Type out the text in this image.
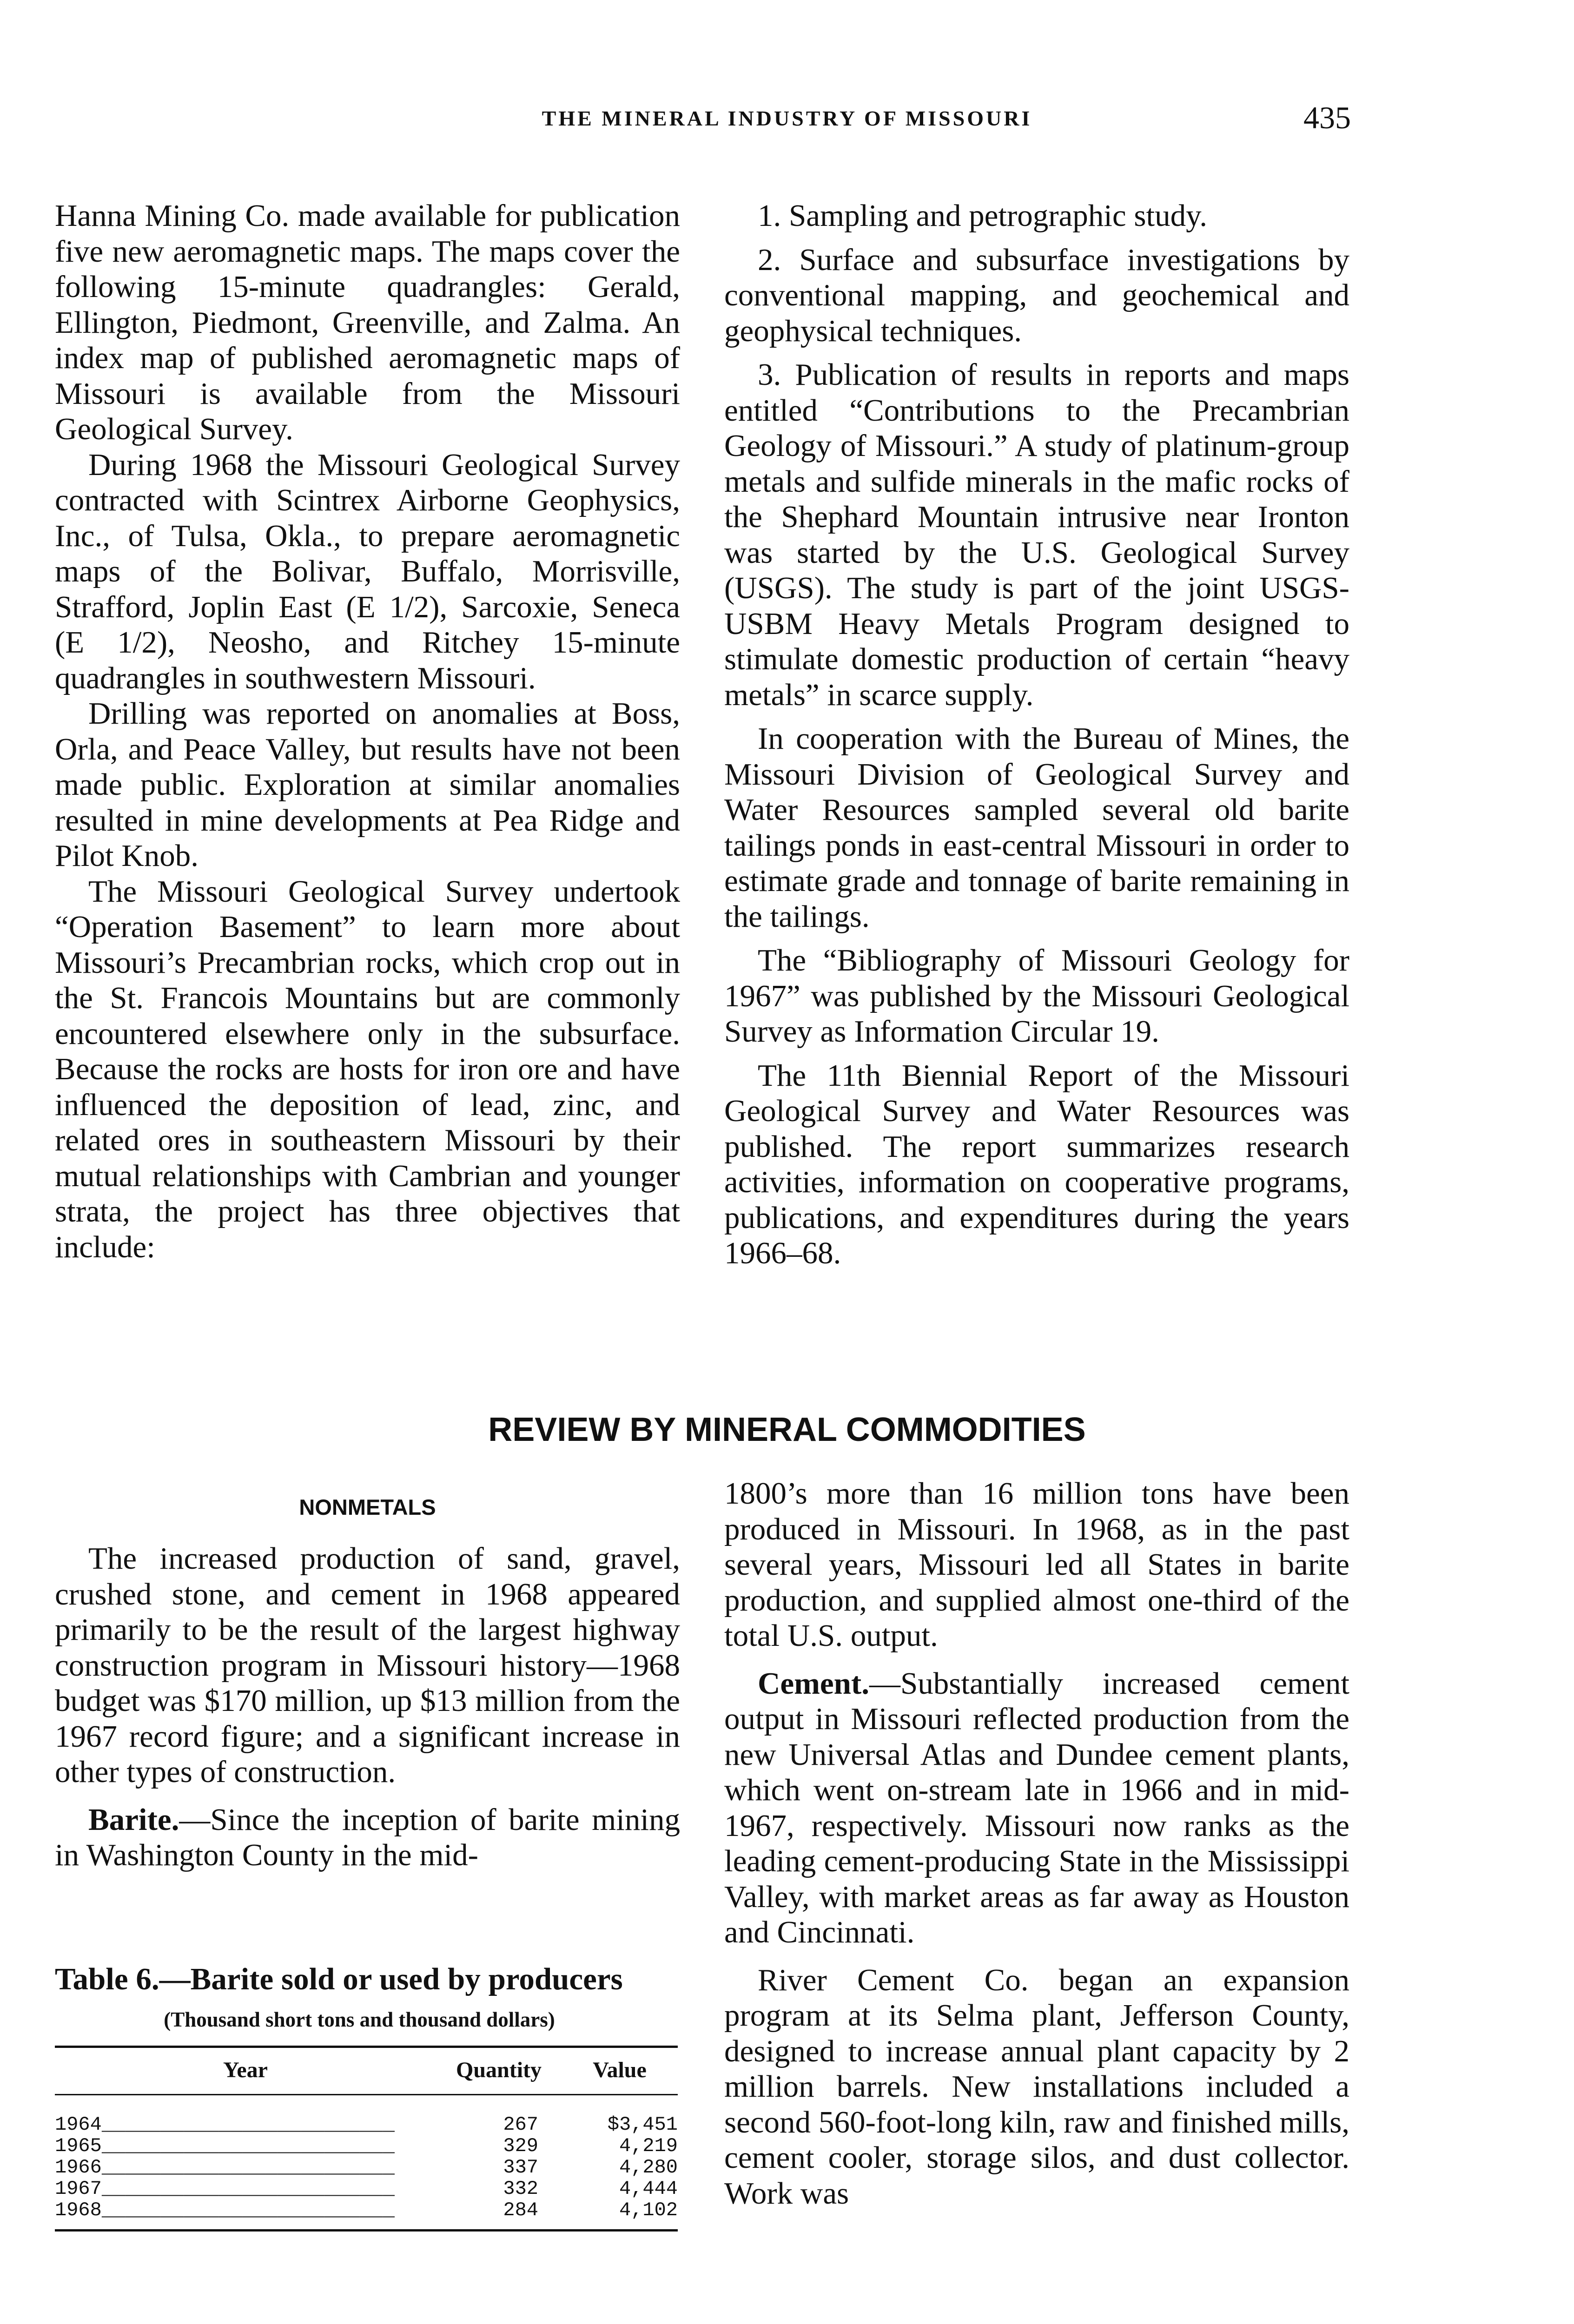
THE MINERAL INDUSTRY OF MISSOURI	435

Hanna Mining Co. made available for publication five new aeromagnetic maps. The maps cover the following 15-minute quadrangles: Gerald, Ellington, Piedmont, Greenville, and Zalma. An index map of published aeromagnetic maps of Missouri is available from the Missouri Geological Survey.

During 1968 the Missouri Geological Survey contracted with Scintrex Airborne Geophysics, Inc., of Tulsa, Okla., to prepare aeromagnetic maps of the Bolivar, Buffalo, Morrisville, Strafford, Joplin East (E 1/2), Sarcoxie, Seneca (E 1/2), Neosho, and Ritchey 15-minute quadrangles in southwestern Missouri.

Drilling was reported on anomalies at Boss, Orla, and Peace Valley, but results have not been made public. Exploration at similar anomalies resulted in mine developments at Pea Ridge and Pilot Knob.

The Missouri Geological Survey undertook “Operation Basement” to learn more about Missouri’s Precambrian rocks, which crop out in the St. Francois Mountains but are commonly encountered elsewhere only in the subsurface. Because the rocks are hosts for iron ore and have influenced the deposition of lead, zinc, and related ores in southeastern Missouri by their mutual relationships with Cambrian and younger strata, the project has three objectives that include:

1. Sampling and petrographic study.

2. Surface and subsurface investigations by conventional mapping, and geochemical and geophysical techniques.

3. Publication of results in reports and maps entitled “Contributions to the Precambrian Geology of Missouri.” A study of platinum-group metals and sulfide minerals in the mafic rocks of the Shephard Mountain intrusive near Ironton was started by the U.S. Geological Survey (USGS). The study is part of the joint USGS-USBM Heavy Metals Program designed to stimulate domestic production of certain “heavy metals” in scarce supply.

In cooperation with the Bureau of Mines, the Missouri Division of Geological Survey and Water Resources sampled several old barite tailings ponds in east-central Missouri in order to estimate grade and tonnage of barite remaining in the tailings.

The “Bibliography of Missouri Geology for 1967” was published by the Missouri Geological Survey as Information Circular 19.

The 11th Biennial Report of the Missouri Geological Survey and Water Resources was published. The report summarizes research activities, information on cooperative programs, publications, and expenditures during the years 1966–68.

REVIEW BY MINERAL COMMODITIES
NONMETALS

The increased production of sand, gravel, crushed stone, and cement in 1968 appeared primarily to be the result of the largest highway construction program in Missouri history—1968 budget was $170 million, up $13 million from the 1967 record figure; and a significant increase in other types of construction.

Barite.—Since the inception of barite mining in Washington County in the mid-

Table 6.—Barite sold or used by producers
(Thousand short tons and thousand dollars)
Year	Quantity	Value
1964_________________________	267	$3,451
1965_________________________	329	4,219
1966_________________________	337	4,280
1967_________________________	332	4,444
1968_________________________	284	4,102

1800’s more than 16 million tons have been produced in Missouri. In 1968, as in the past several years, Missouri led all States in barite production, and supplied almost one-third of the total U.S. output.

Cement.—Substantially increased cement output in Missouri reflected production from the new Universal Atlas and Dundee cement plants, which went on-stream late in 1966 and in mid-1967, respectively. Missouri now ranks as the leading cement-producing State in the Mississippi Valley, with market areas as far away as Houston and Cincinnati.

River Cement Co. began an expansion program at its Selma plant, Jefferson County, designed to increase annual plant capacity by 2 million barrels. New installations included a second 560-foot-long kiln, raw and finished mills, cement cooler, storage silos, and dust collector. Work was
